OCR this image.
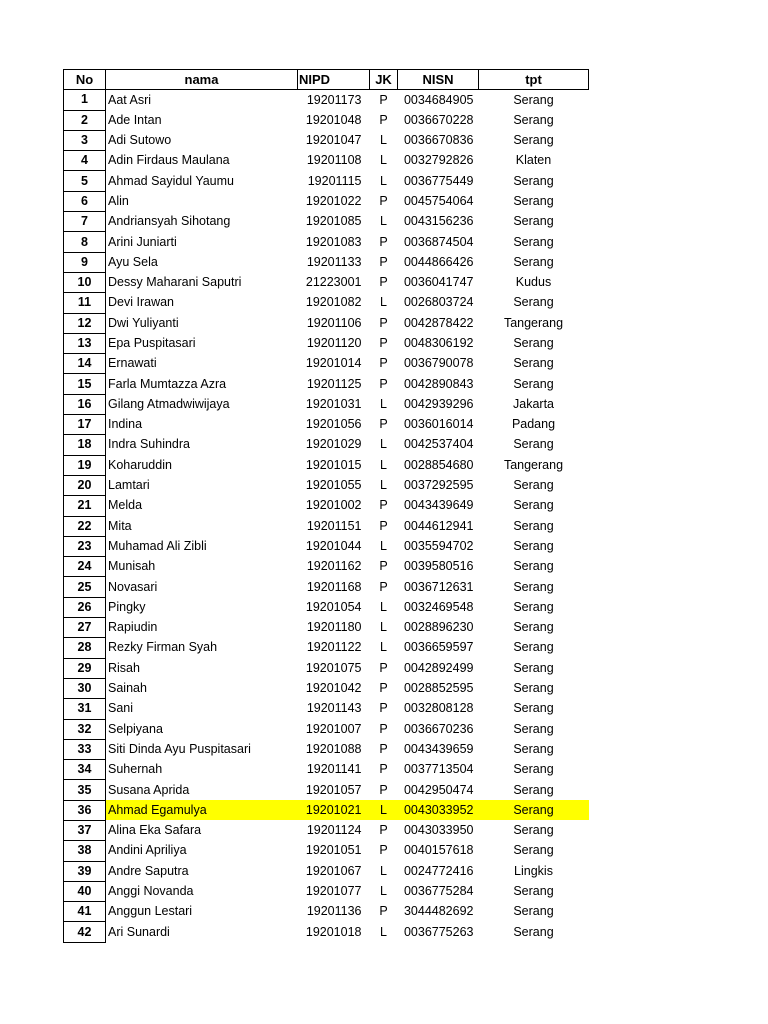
No	nama	NIPD	JK	NISN	tpt
1	Aat Asri	19201173	P	0034684905	Serang
2	Ade Intan	19201048	P	0036670228	Serang
3	Adi Sutowo	19201047	L	0036670836	Serang
4	Adin Firdaus Maulana	19201108	L	0032792826	Klaten
5	Ahmad Sayidul Yaumu	19201115	L	0036775449	Serang
6	Alin	19201022	P	0045754064	Serang
7	Andriansyah Sihotang	19201085	L	0043156236	Serang
8	Arini Juniarti	19201083	P	0036874504	Serang
9	Ayu Sela	19201133	P	0044866426	Serang
10	Dessy Maharani Saputri	21223001	P	0036041747	Kudus
11	Devi Irawan	19201082	L	0026803724	Serang
12	Dwi Yuliyanti	19201106	P	0042878422	Tangerang
13	Epa Puspitasari	19201120	P	0048306192	Serang
14	Ernawati	19201014	P	0036790078	Serang
15	Farla Mumtazza Azra	19201125	P	0042890843	Serang
16	Gilang Atmadwiwijaya	19201031	L	0042939296	Jakarta
17	Indina	19201056	P	0036016014	Padang
18	Indra Suhindra	19201029	L	0042537404	Serang
19	Koharuddin	19201015	L	0028854680	Tangerang
20	Lamtari	19201055	L	0037292595	Serang
21	Melda	19201002	P	0043439649	Serang
22	Mita	19201151	P	0044612941	Serang
23	Muhamad Ali Zibli	19201044	L	0035594702	Serang
24	Munisah	19201162	P	0039580516	Serang
25	Novasari	19201168	P	0036712631	Serang
26	Pingky	19201054	L	0032469548	Serang
27	Rapiudin	19201180	L	0028896230	Serang
28	Rezky Firman Syah	19201122	L	0036659597	Serang
29	Risah	19201075	P	0042892499	Serang
30	Sainah	19201042	P	0028852595	Serang
31	Sani	19201143	P	0032808128	Serang
32	Selpiyana	19201007	P	0036670236	Serang
33	Siti Dinda Ayu Puspitasari	19201088	P	0043439659	Serang
34	Suhernah	19201141	P	0037713504	Serang
35	Susana Aprida	19201057	P	0042950474	Serang
36	Ahmad Egamulya	19201021	L	0043033952	Serang
37	Alina Eka Safara	19201124	P	0043033950	Serang
38	Andini Apriliya	19201051	P	0040157618	Serang
39	Andre Saputra	19201067	L	0024772416	Lingkis
40	Anggi Novanda	19201077	L	0036775284	Serang
41	Anggun Lestari	19201136	P	3044482692	Serang
42	Ari Sunardi	19201018	L	0036775263	Serang
